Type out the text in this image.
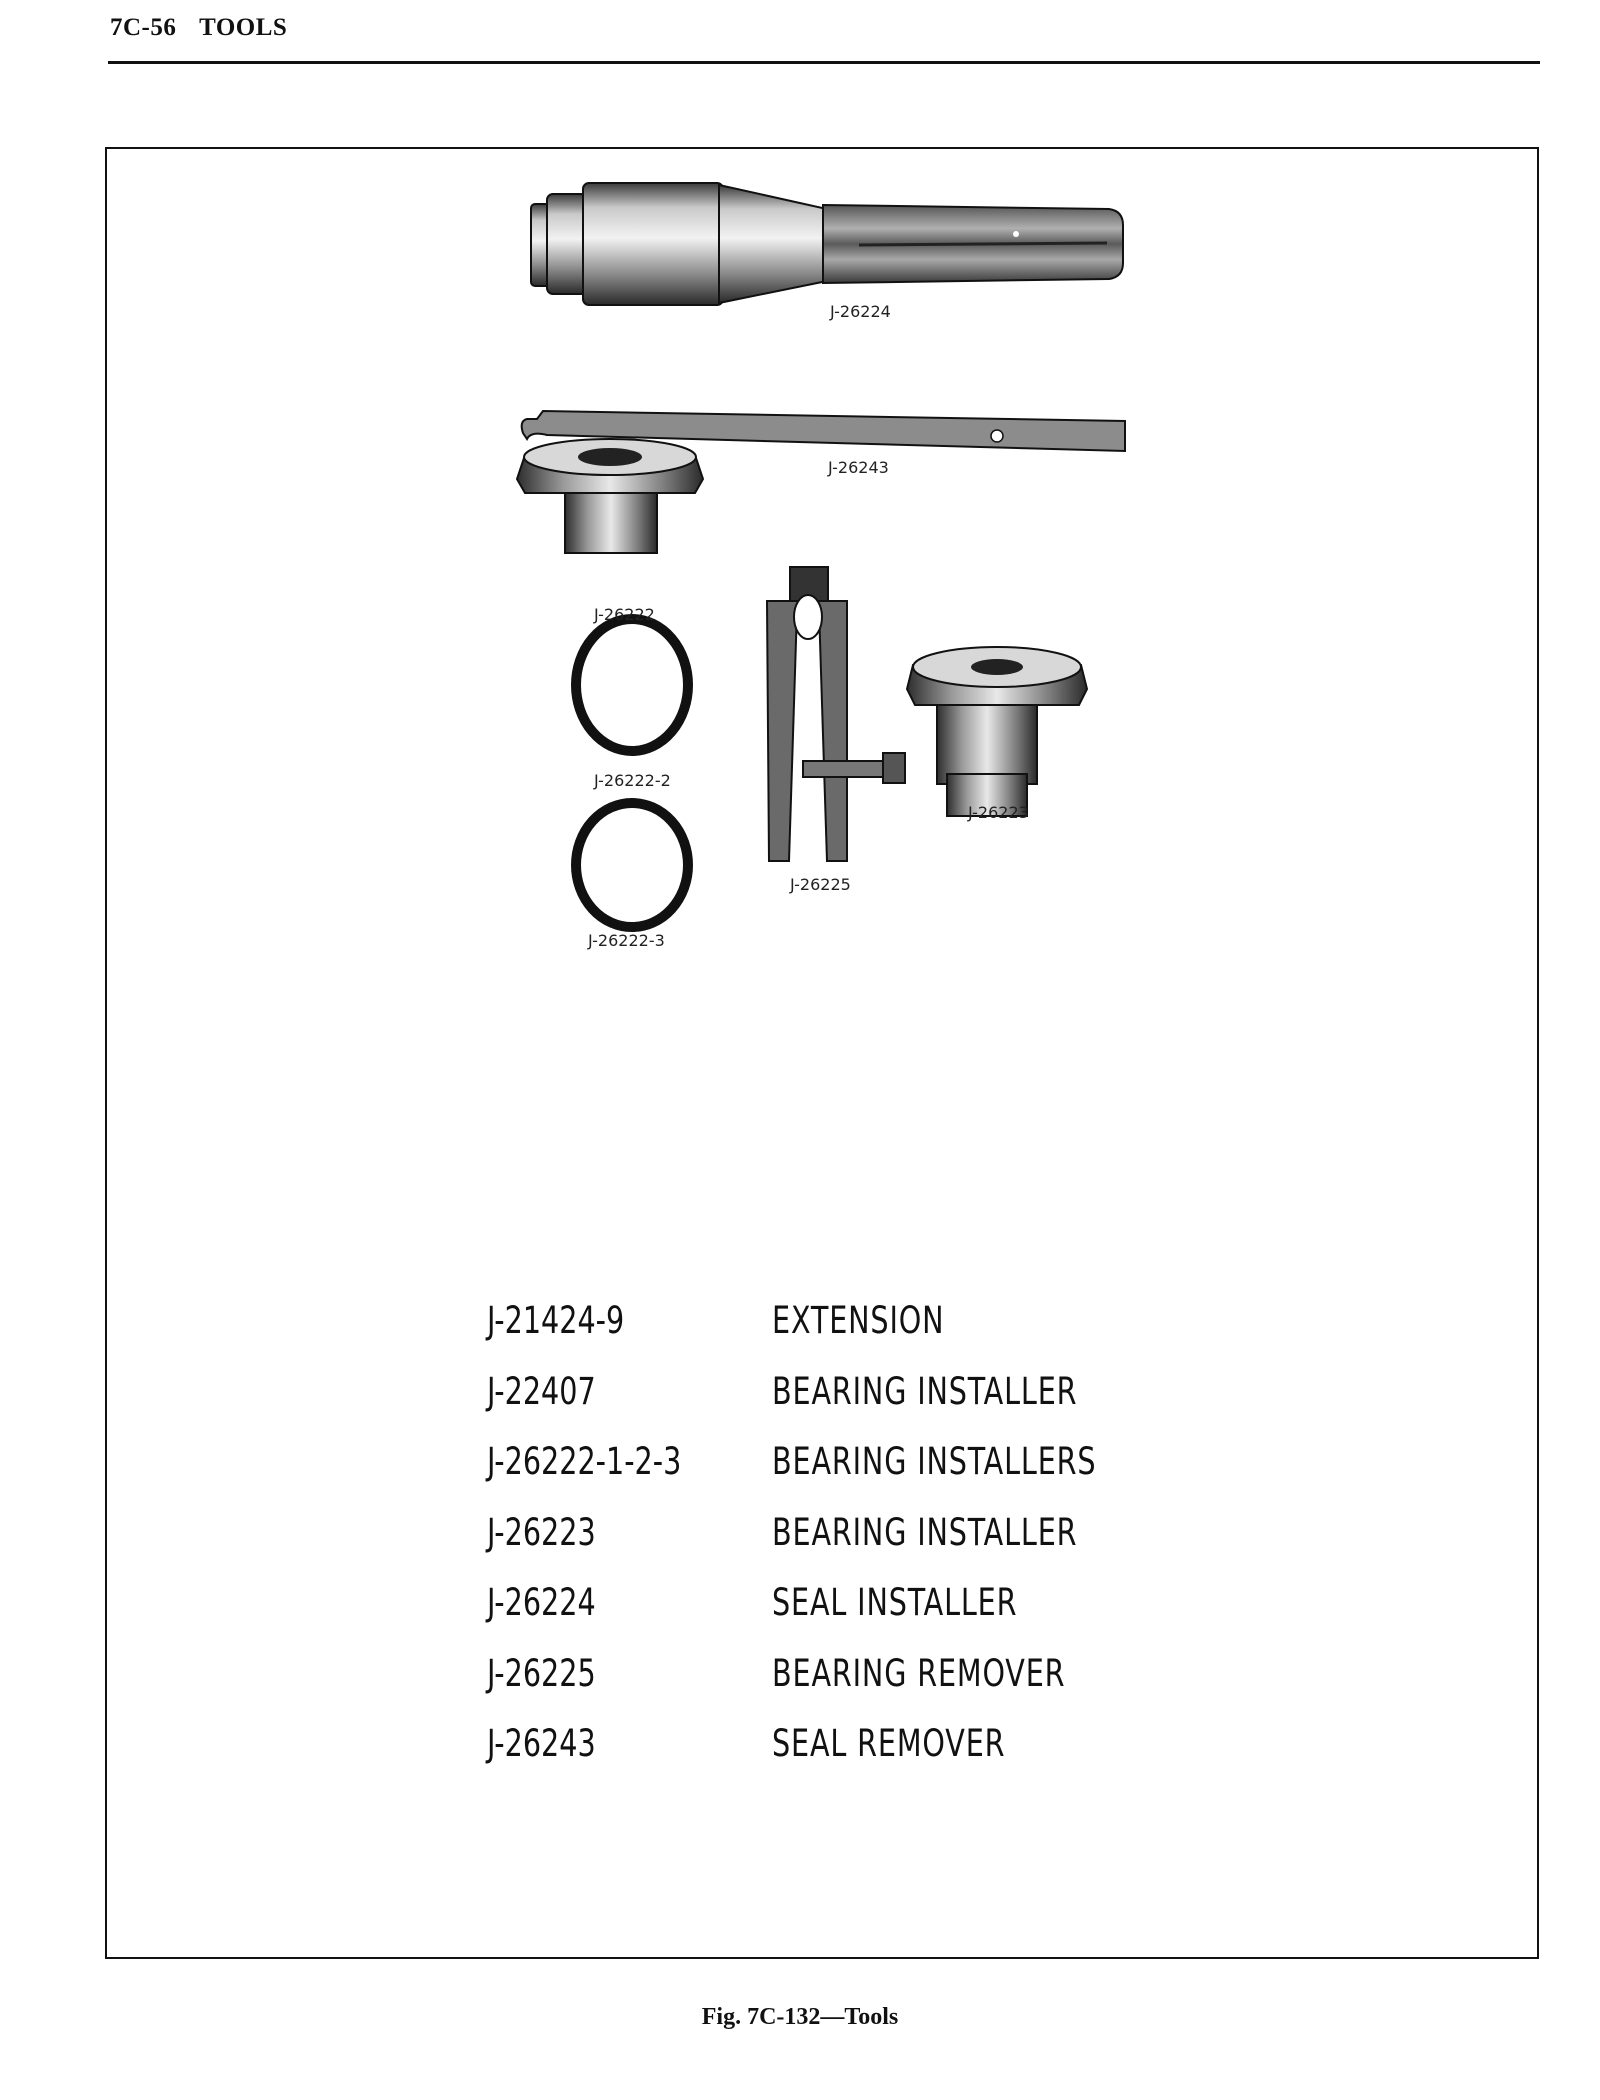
7C-56 TOOLS
J-26224
J-26243
J-26222
J-26222-2
J-26222-3
J-26225
J-26223
J-21424-9	EXTENSION
J-22407	BEARING INSTALLER
J-26222-1-2-3 BEARING INSTALLERS
J-26223	BEARING INSTALLER
J-26224	SEAL INSTALLER
J-26225	BEARING REMOVER
J-26243	SEAL REMOVER
Fig. 7C-132—Tools
